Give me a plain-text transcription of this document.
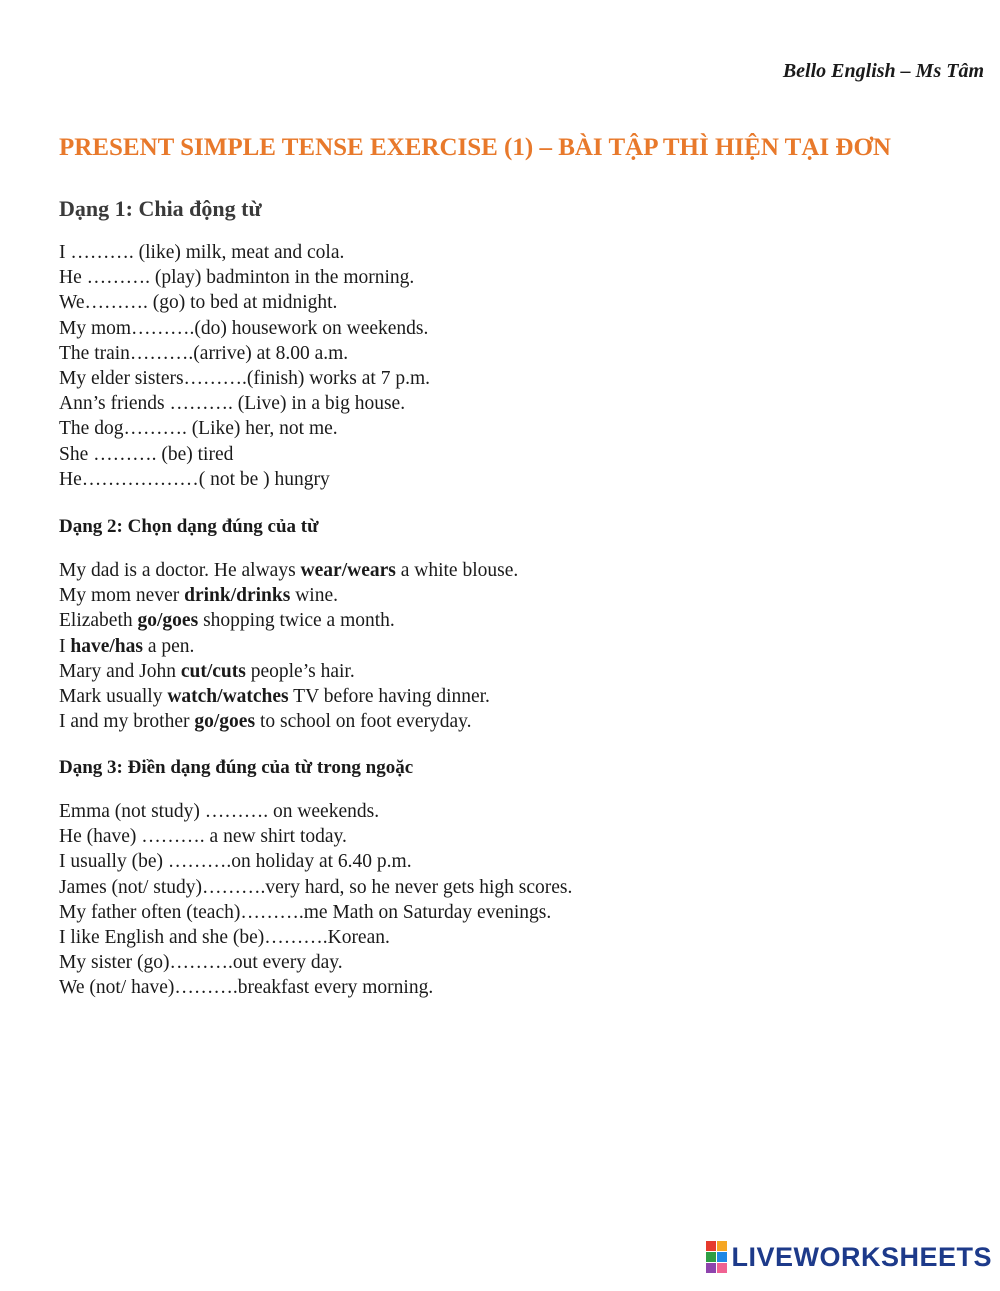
Bello English – Ms Tâm
PRESENT SIMPLE TENSE EXERCISE (1) – BÀI TẬP THÌ HIỆN TẠI ĐƠN
Dạng 1: Chia động từ
I ………. (like) milk, meat and cola.
He ………. (play) badminton in the morning.
We………. (go) to bed at midnight.
My mom……….(do) housework on weekends.
The train……….(arrive) at 8.00 a.m.
My elder sisters……….(finish) works at 7 p.m.
Ann’s friends ………. (Live) in a big house.
The dog………. (Like) her, not me.
She ………. (be) tired
He………………( not be ) hungry
Dạng 2: Chọn dạng đúng của từ
My dad is a doctor. He always wear/wears a white blouse.
My mom never drink/drinks wine.
Elizabeth go/goes shopping twice a month.
I have/has a pen.
Mary and John cut/cuts people’s hair.
Mark usually watch/watches TV before having dinner.
I and my brother go/goes to school on foot everyday.
Dạng 3: Điền dạng đúng của từ trong ngoặc
Emma (not study) ………. on weekends.
He (have) ………. a new shirt today.
I usually (be) ……….on holiday at 6.40 p.m.
James (not/ study)……….very hard, so he never gets high scores.
My father often (teach)……….me Math on Saturday evenings.
I like English and she (be)……….Korean.
My sister (go)……….out every day.
We (not/ have)……….breakfast every morning.
LIVEWORKSHEETS
